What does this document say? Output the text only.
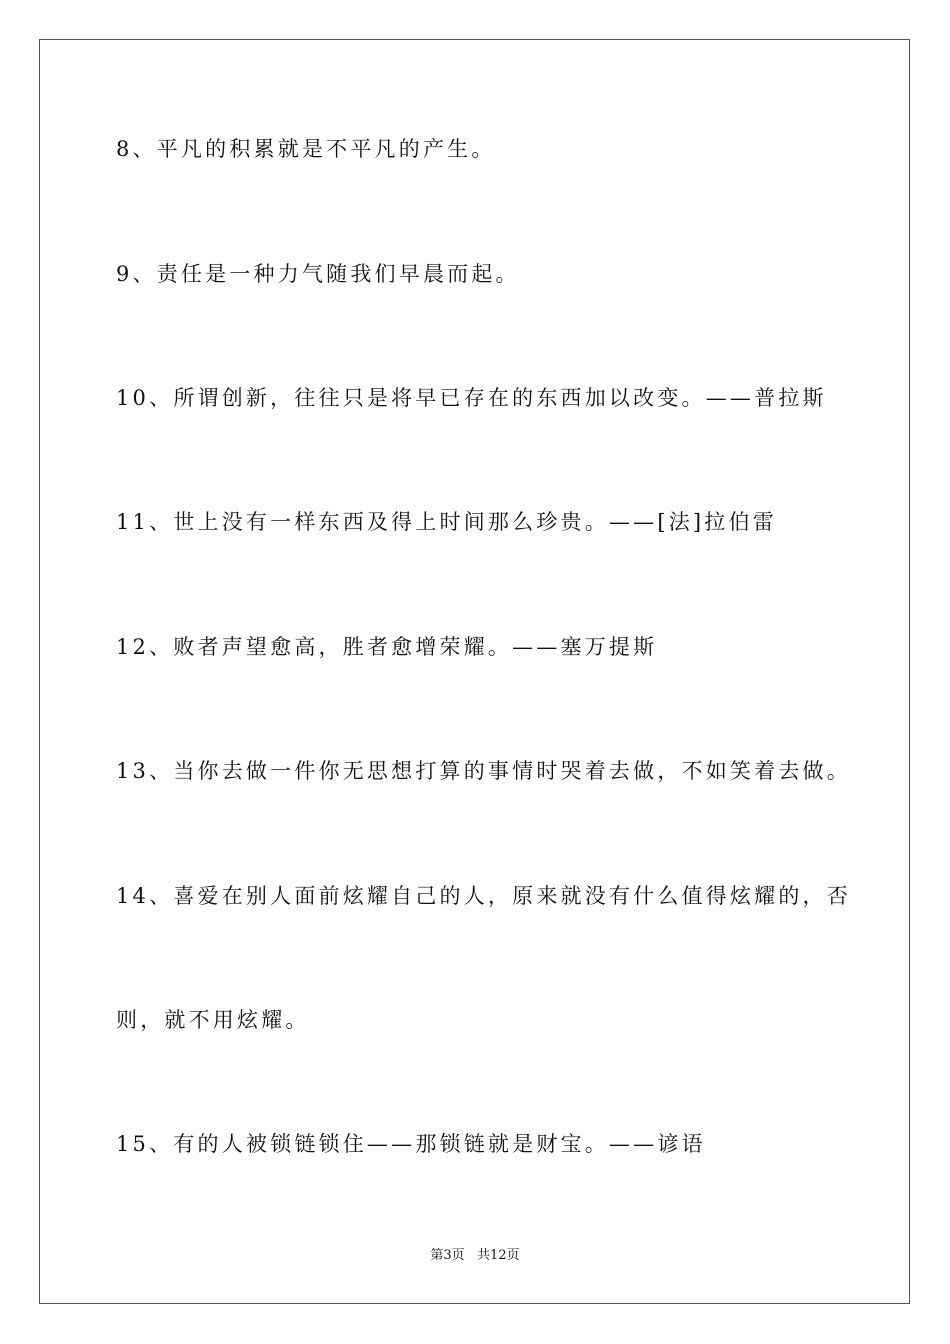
8、平凡的积累就是不平凡的产生。
9、责任是一种力气随我们早晨而起。
10、所谓创新，往往只是将早已存在的东西加以改变。——普拉斯
11、世上没有一样东西及得上时间那么珍贵。——[法]拉伯雷
12、败者声望愈高，胜者愈增荣耀。——塞万提斯
13、当你去做一件你无思想打算的事情时哭着去做，不如笑着去做。
14、喜爱在别人面前炫耀自己的人，原来就没有什么值得炫耀的，否
则，就不用炫耀。
15、有的人被锁链锁住——那锁链就是财宝。——谚语
第3页   共12页
